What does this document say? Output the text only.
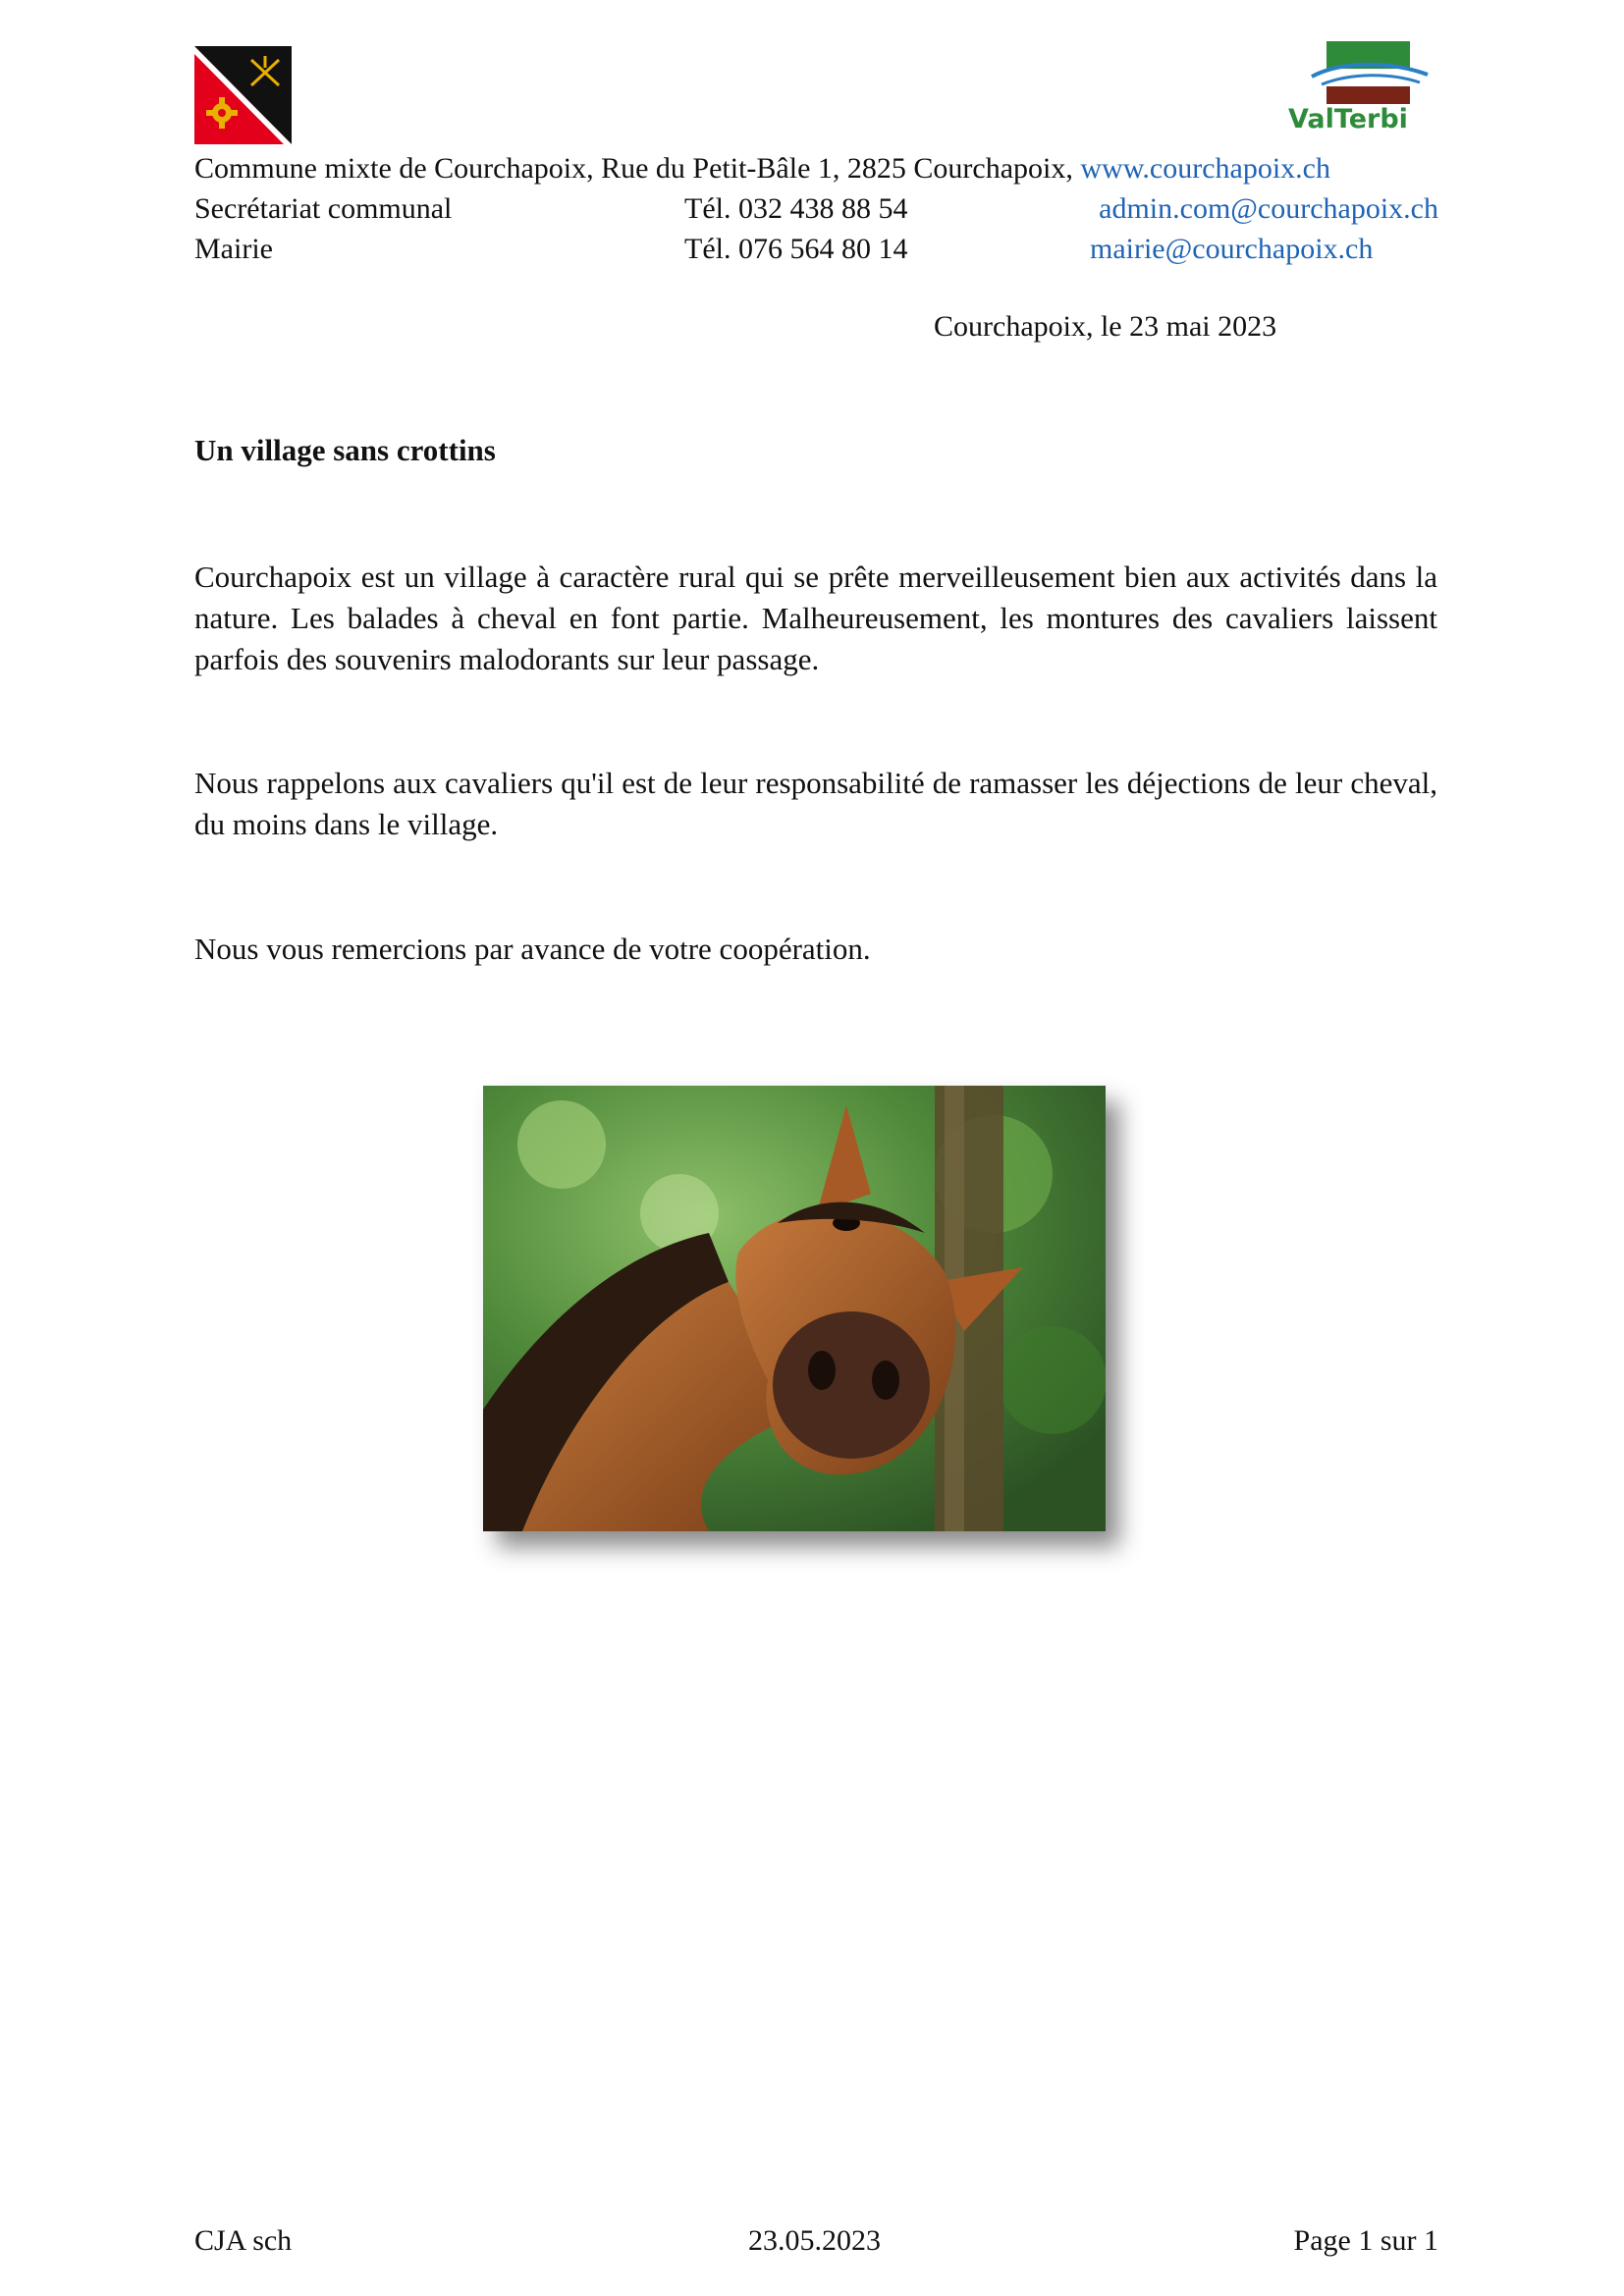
ValTerbi
Commune mixte de Courchapoix, Rue du Petit-Bâle 1, 2825 Courchapoix, www.courchapoix.ch
Secrétariat communal	Tél. 032 438 88 54	admin.com@courchapoix.ch
Mairie	Tél. 076 564 80 14	mairie@courchapoix.ch
Courchapoix, le 23 mai 2023
Un village sans crottins
Courchapoix est un village à caractère rural qui se prête merveilleusement bien aux activités dans la nature. Les balades à cheval en font partie. Malheureusement, les montures des cavaliers laissent parfois des souvenirs malodorants sur leur passage.
Nous rappelons aux cavaliers qu'il est de leur responsabilité de ramasser les déjections de leur cheval, du moins dans le village.
Nous vous remercions par avance de votre coopération.
CJA sch	23.05.2023	Page 1 sur 1
